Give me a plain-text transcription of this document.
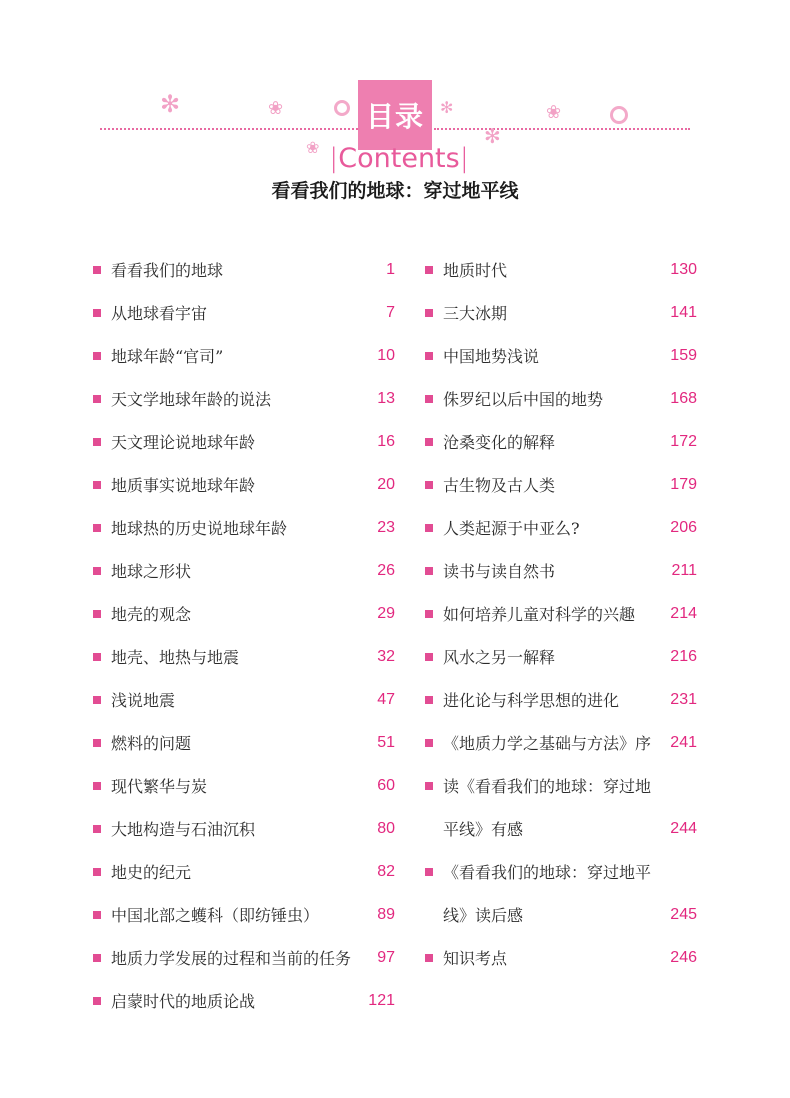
✻	❀
❀
✻
✻
❀
目录
|Contents|
看看我们的地球：穿过地平线
看看我们的地球	1
从地球看宇宙	7
地球年龄“官司”	10
天文学地球年龄的说法	13
天文理论说地球年龄	16
地质事实说地球年龄	20
地球热的历史说地球年龄	23
地球之形状	26
地壳的观念	29
地壳、地热与地震	32
浅说地震	47
燃料的问题	51
现代繁华与炭	60
大地构造与石油沉积	80
地史的纪元	82
中国北部之蠖科（即纺锤虫）	89
地质力学发展的过程和当前的任务	97
启蒙时代的地质论战	121
地质时代	130
三大冰期	141
中国地势浅说	159
侏罗纪以后中国的地势	168
沧桑变化的解释	172
古生物及古人类	179
人类起源于中亚么?	206
读书与读自然书	211
如何培养儿童对科学的兴趣	214
风水之另一解释	216
进化论与科学思想的进化	231
《地质力学之基础与方法》序	241
读《看看我们的地球：穿过地
平线》有感	244
《看看我们的地球：穿过地平
线》读后感	245
知识考点	246
